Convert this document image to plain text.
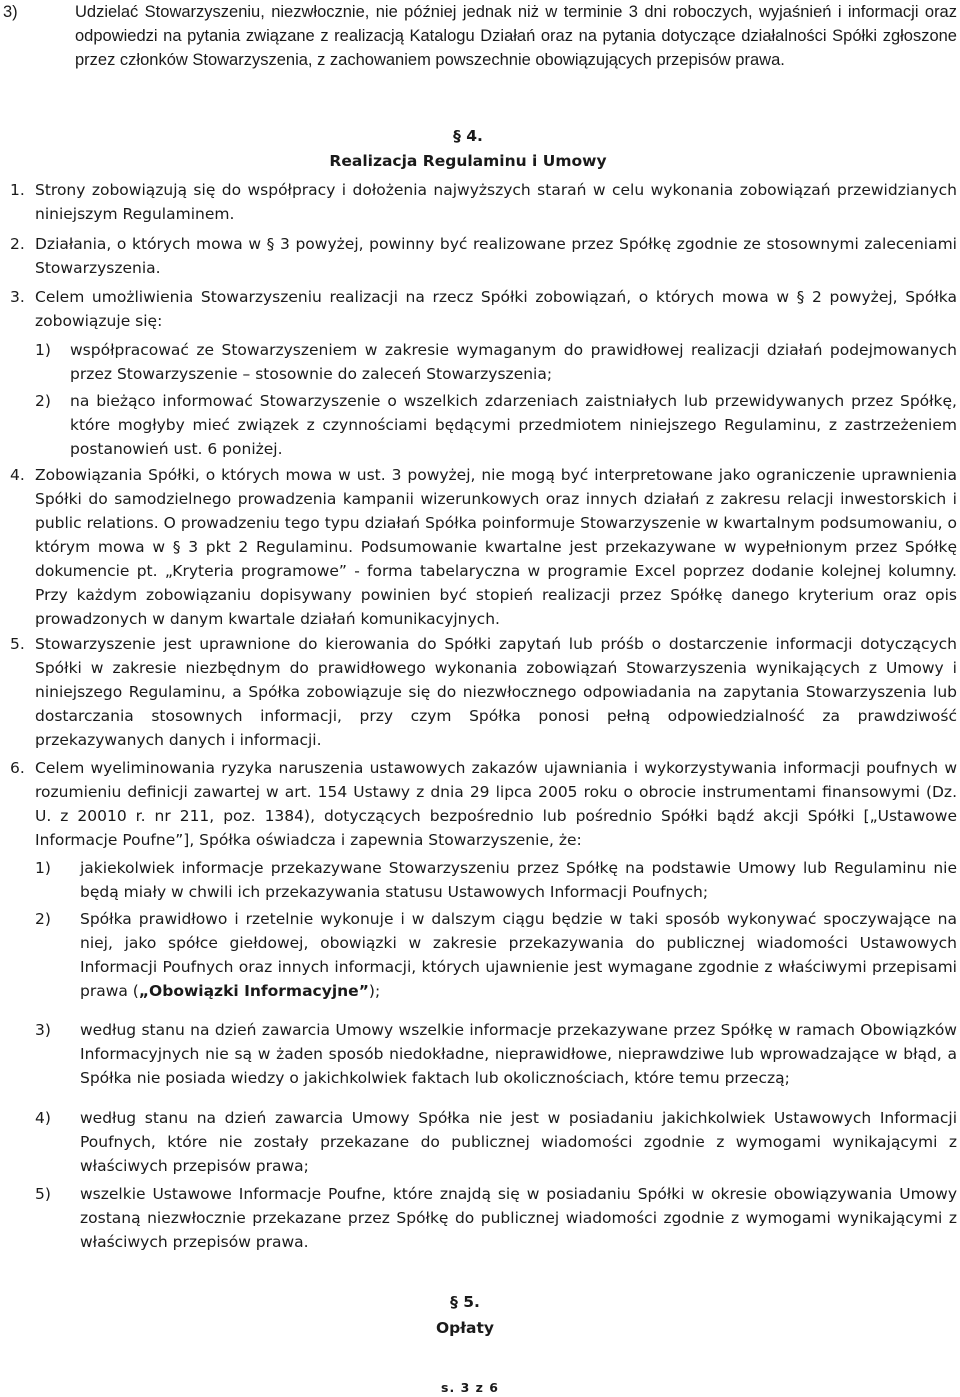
3)	Udzielać Stowarzyszeniu, niezwłocznie, nie później jednak niż w terminie 3 dni roboczych, wyjaśnień i informacji oraz odpowiedzi na pytania związane z realizacją Katalogu Działań oraz na pytania dotyczące działalności Spółki zgłoszone przez członków Stowarzyszenia, z zachowaniem powszechnie obowiązujących przepisów prawa.
§ 4.
Realizacja Regulaminu i Umowy
1. Strony zobowiązują się do współpracy i dołożenia najwyższych starań w celu wykonania zobowiązań przewidzianych niniejszym Regulaminem.
2. Działania, o których mowa w § 3 powyżej, powinny być realizowane przez Spółkę zgodnie ze stosownymi zaleceniami Stowarzyszenia.
3. Celem umożliwienia Stowarzyszeniu realizacji na rzecz Spółki zobowiązań, o których mowa w § 2 powyżej, Spółka zobowiązuje się:
1)	współpracować ze Stowarzyszeniem w zakresie wymaganym do prawidłowej realizacji działań podejmowanych przez Stowarzyszenie – stosownie do zaleceń Stowarzyszenia;
2)	na bieżąco informować Stowarzyszenie o wszelkich zdarzeniach zaistniałych lub przewidywanych przez Spółkę, które mogłyby mieć związek z czynnościami będącymi przedmiotem niniejszego Regulaminu, z zastrzeżeniem postanowień ust. 6 poniżej.
4. Zobowiązania Spółki, o których mowa w ust. 3 powyżej, nie mogą być interpretowane jako ograniczenie uprawnienia Spółki do samodzielnego prowadzenia kampanii wizerunkowych oraz innych działań z zakresu relacji inwestorskich i public relations. O prowadzeniu tego typu działań Spółka poinformuje Stowarzyszenie w kwartalnym podsumowaniu, o którym mowa w § 3 pkt 2 Regulaminu. Podsumowanie kwartalne jest przekazywane w wypełnionym przez Spółkę dokumencie pt. „Kryteria programowe” - forma tabelaryczna w programie Excel poprzez dodanie kolejnej kolumny. Przy każdym zobowiązaniu dopisywany powinien być stopień realizacji przez Spółkę danego kryterium oraz opis prowadzonych w danym kwartale działań komunikacyjnych.
5. Stowarzyszenie jest uprawnione do kierowania do Spółki zapytań lub próśb o dostarczenie informacji dotyczących Spółki w zakresie niezbędnym do prawidłowego wykonania zobowiązań Stowarzyszenia wynikających z Umowy i niniejszego Regulaminu, a Spółka zobowiązuje się do niezwłocznego odpowiadania na zapytania Stowarzyszenia lub dostarczania stosownych informacji, przy czym Spółka ponosi pełną odpowiedzialność za prawdziwość przekazywanych danych i informacji.
6. Celem wyeliminowania ryzyka naruszenia ustawowych zakazów ujawniania i wykorzystywania informacji poufnych w rozumieniu definicji zawartej w art. 154 Ustawy z dnia 29 lipca 2005 roku o obrocie instrumentami finansowymi (Dz. U. z 20010 r. nr 211, poz. 1384), dotyczących bezpośrednio lub pośrednio Spółki bądź akcji Spółki [„Ustawowe Informacje Poufne”], Spółka oświadcza i zapewnia Stowarzyszenie, że:
1)	jakiekolwiek informacje przekazywane Stowarzyszeniu przez Spółkę na podstawie Umowy lub Regulaminu nie będą miały w chwili ich przekazywania statusu Ustawowych Informacji Poufnych;
2)	Spółka prawidłowo i rzetelnie wykonuje i w dalszym ciągu będzie w taki sposób wykonywać spoczywające na niej, jako spółce giełdowej, obowiązki w zakresie przekazywania do publicznej wiadomości Ustawowych Informacji Poufnych oraz innych informacji, których ujawnienie jest wymagane zgodnie z właściwymi przepisami prawa („Obowiązki Informacyjne”);
3)	według stanu na dzień zawarcia Umowy wszelkie informacje przekazywane przez Spółkę w ramach Obowiązków Informacyjnych nie są w żaden sposób niedokładne, nieprawidłowe, nieprawdziwe lub wprowadzające w błąd, a Spółka nie posiada wiedzy o jakichkolwiek faktach lub okolicznościach, które temu przeczą;
4)	według stanu na dzień zawarcia Umowy Spółka nie jest w posiadaniu jakichkolwiek Ustawowych Informacji Poufnych, które nie zostały przekazane do publicznej wiadomości zgodnie z wymogami wynikającymi z właściwych przepisów prawa;
5)	wszelkie Ustawowe Informacje Poufne, które znajdą się w posiadaniu Spółki w okresie obowiązywania Umowy zostaną niezwłocznie przekazane przez Spółkę do publicznej wiadomości zgodnie z wymogami wynikającymi z właściwych przepisów prawa.
§ 5.
Opłaty
s. 3 z 6
